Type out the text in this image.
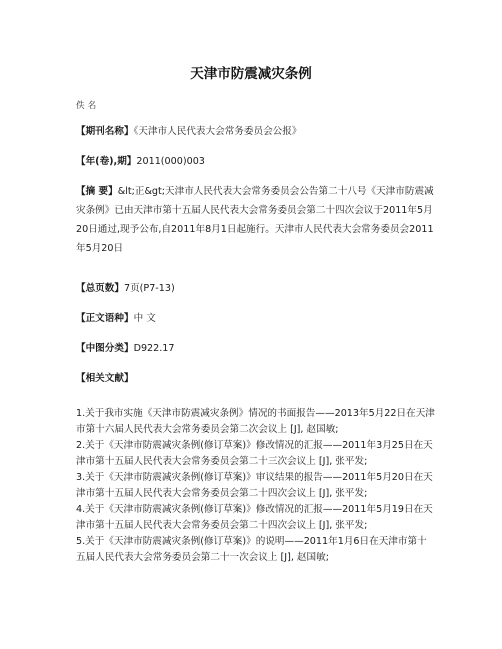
天津市防震减灾条例
佚名
【期刊名称】《天津市人民代表大会常务委员会公报》
【年(卷),期】2011(000)003
【摘 要】&lt;正&gt;天津市人民代表大会常务委员会公告第二十八号《天津市防震减灾条例》已由天津市第十五届人民代表大会常务委员会第二十四次会议于2011年5月20日通过,现予公布,自2011年8月1日起施行。天津市人民代表大会常务委员会2011年5月20日
【总页数】7页(P7-13)
【正文语种】中 文
【中图分类】D922.17
【相关文献】

1.关于我市实施《天津市防震减灾条例》情况的书面报告——2013年5月22日在天津市第十六届人民代表大会常务委员会第二次会议上 [J], 赵国敏;

2.关于《天津市防震减灾条例(修订草案)》修改情况的汇报——2011年3月25日在天津市第十五届人民代表大会常务委员会第二十三次会议上 [J], 张平发;

3.关于《天津市防震减灾条例(修订草案)》审议结果的报告——2011年5月20日在天津市第十五届人民代表大会常务委员会第二十四次会议上 [J], 张平发;

4.关于《天津市防震减灾条例(修订草案)》修改情况的汇报——2011年5月19日在天津市第十五届人民代表大会常务委员会第二十四次会议上 [J], 张平发;

5.关于《天津市防震减灾条例(修订草案)》的说明——2011年1月6日在天津市第十五届人民代表大会常务委员会第二十一次会议上 [J], 赵国敏;
